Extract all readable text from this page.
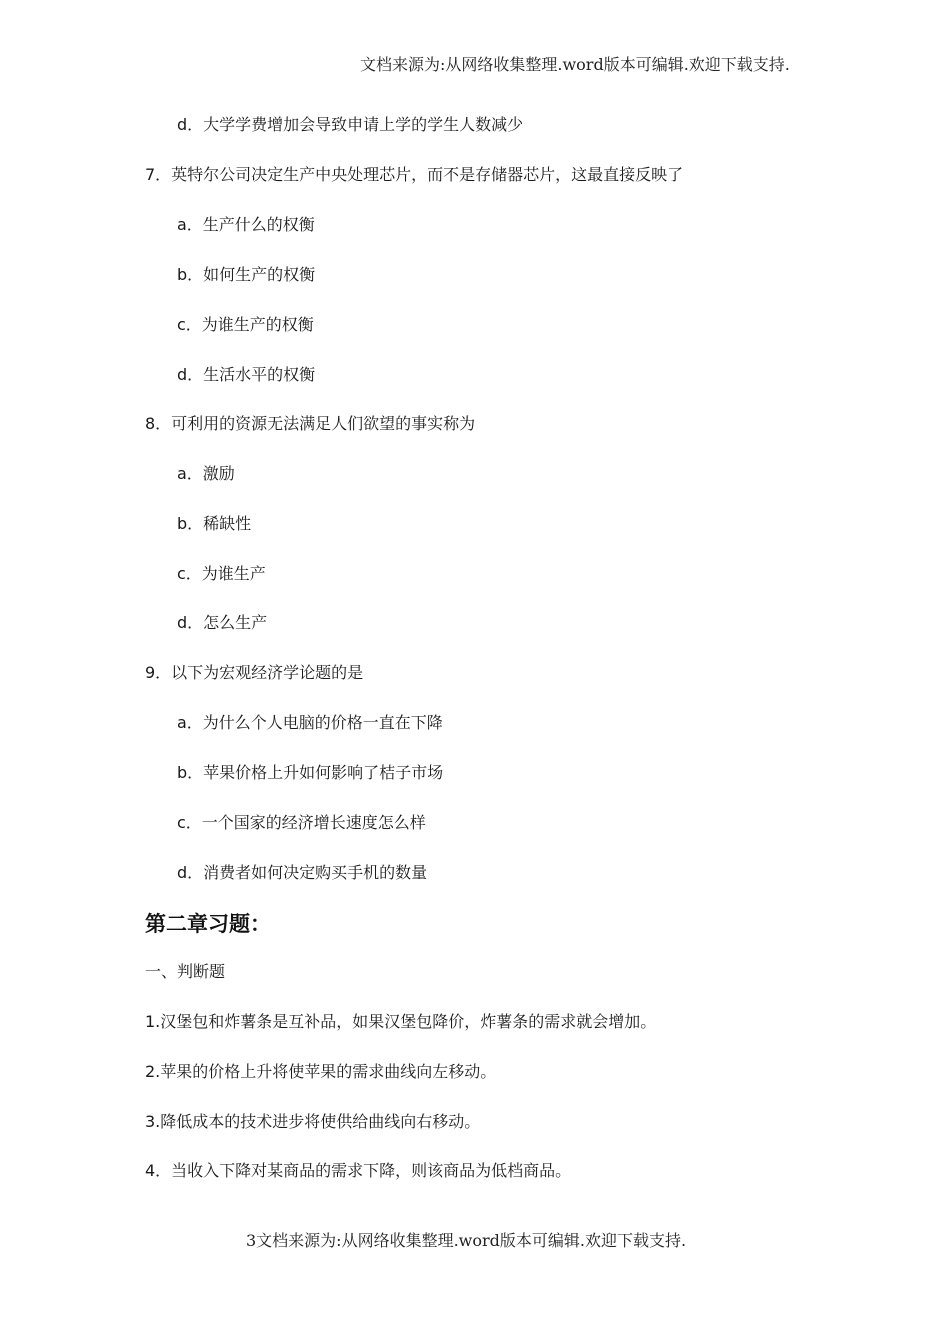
文档来源为:从网络收集整理.word版本可编辑.欢迎下载支持.
d．大学学费增加会导致申请上学的学生人数减少
7．英特尔公司决定生产中央处理芯片，而不是存储器芯片，这最直接反映了
a．生产什么的权衡
b．如何生产的权衡
c．为谁生产的权衡
d．生活水平的权衡
8．可利用的资源无法满足人们欲望的事实称为
a．激励
b．稀缺性
c．为谁生产
d．怎么生产
9．以下为宏观经济学论题的是
a．为什么个人电脑的价格一直在下降
b．苹果价格上升如何影响了桔子市场
c．一个国家的经济增长速度怎么样
d．消费者如何决定购买手机的数量
第二章习题：
一、判断题
1.汉堡包和炸薯条是互补品，如果汉堡包降价，炸薯条的需求就会增加。
2.苹果的价格上升将使苹果的需求曲线向左移动。
3.降低成本的技术进步将使供给曲线向右移动。
4．当收入下降对某商品的需求下降，则该商品为低档商品。
3文档来源为:从网络收集整理.word版本可编辑.欢迎下载支持.
